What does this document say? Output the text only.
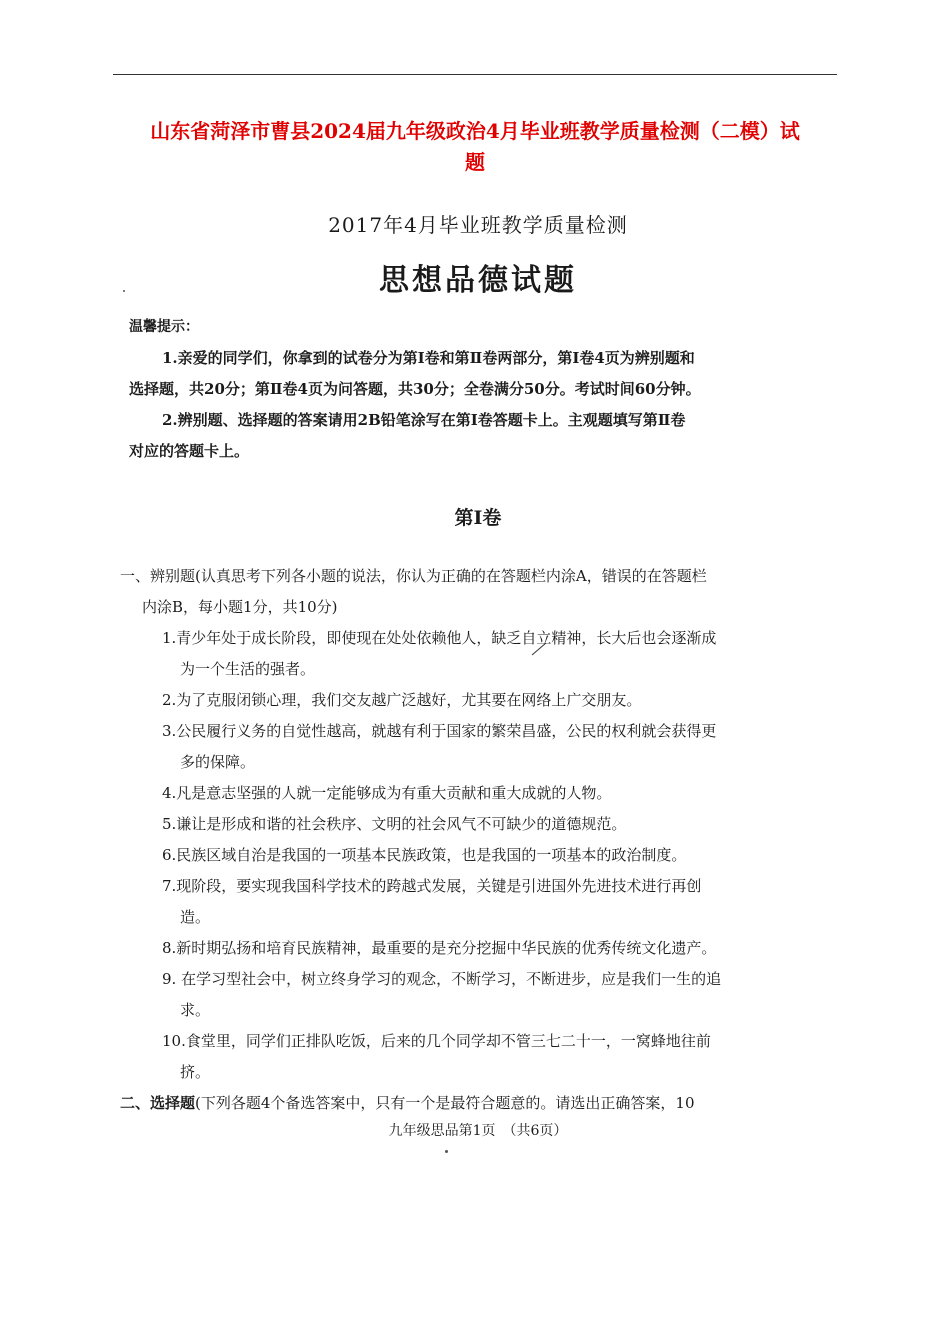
山东省菏泽市曹县2024届九年级政治4月毕业班教学质量检测（二模）试
题
2017年4月毕业班教学质量检测
思想品德试题
温馨提示：
1.亲爱的同学们，你拿到的试卷分为第Ⅰ卷和第Ⅱ卷两部分，第Ⅰ卷4页为辨别题和
选择题，共20分；第Ⅱ卷4页为问答题，共30分；全卷满分50分。考试时间60分钟。
2.辨别题、选择题的答案请用2B铅笔涂写在第Ⅰ卷答题卡上。主观题填写第Ⅱ卷
对应的答题卡上。
第Ⅰ卷
一、辨别题(认真思考下列各小题的说法，你认为正确的在答题栏内涂A，错误的在答题栏
内涂B，每小题1分，共10分)
1.青少年处于成长阶段，即使现在处处依赖他人，缺乏自立精神，长大后也会逐渐成
为一个生活的强者。
2.为了克服闭锁心理，我们交友越广泛越好，尤其要在网络上广交朋友。
3.公民履行义务的自觉性越高，就越有利于国家的繁荣昌盛，公民的权利就会获得更
多的保障。
4.凡是意志坚强的人就一定能够成为有重大贡献和重大成就的人物。
5.谦让是形成和谐的社会秩序、文明的社会风气不可缺少的道德规范。
6.民族区域自治是我国的一项基本民族政策，也是我国的一项基本的政治制度。
7.现阶段，要实现我国科学技术的跨越式发展，关键是引进国外先进技术进行再创
造。
8.新时期弘扬和培育民族精神，最重要的是充分挖掘中华民族的优秀传统文化遗产。
9. 在学习型社会中，树立终身学习的观念，不断学习，不断进步，应是我们一生的追
求。
10.食堂里，同学们正排队吃饭，后来的几个同学却不管三七二十一，一窝蜂地往前
挤。
二、选择题(下列各题4个备选答案中，只有一个是最符合题意的。请选出正确答案，10
九年级思品第1页　（共6页）
